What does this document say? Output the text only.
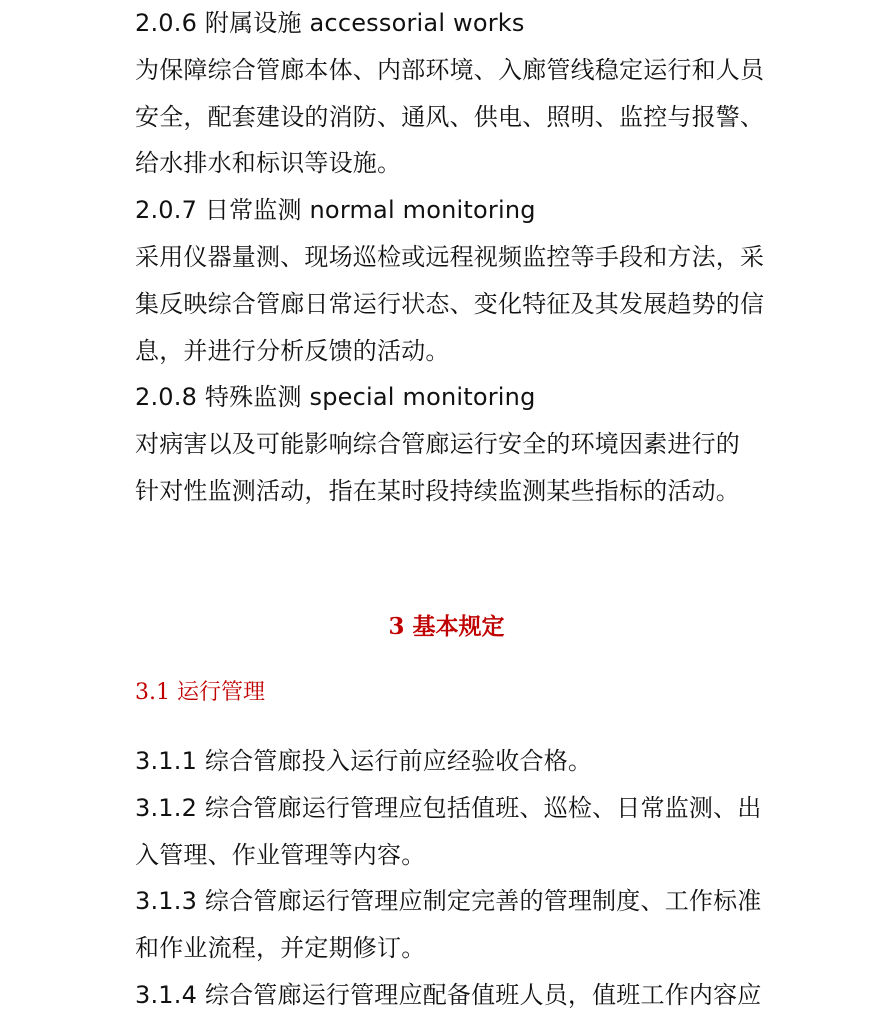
2.0.6 附属设施 accessorial works
为保障综合管廊本体、内部环境、入廊管线稳定运行和人员
安全，配套建设的消防、通风、供电、照明、监控与报警、
给水排水和标识等设施。
2.0.7 日常监测 normal monitoring
采用仪器量测、现场巡检或远程视频监控等手段和方法，采
集反映综合管廊日常运行状态、变化特征及其发展趋势的信
息，并进行分析反馈的活动。
2.0.8 特殊监测 special monitoring
对病害以及可能影响综合管廊运行安全的环境因素进行的
针对性监测活动，指在某时段持续监测某些指标的活动。
3 基本规定
3.1 运行管理
3.1.1 综合管廊投入运行前应经验收合格。
3.1.2 综合管廊运行管理应包括值班、巡检、日常监测、出
入管理、作业管理等内容。
3.1.3 综合管廊运行管理应制定完善的管理制度、工作标准
和作业流程，并定期修订。
3.1.4 综合管廊运行管理应配备值班人员，值班工作内容应
